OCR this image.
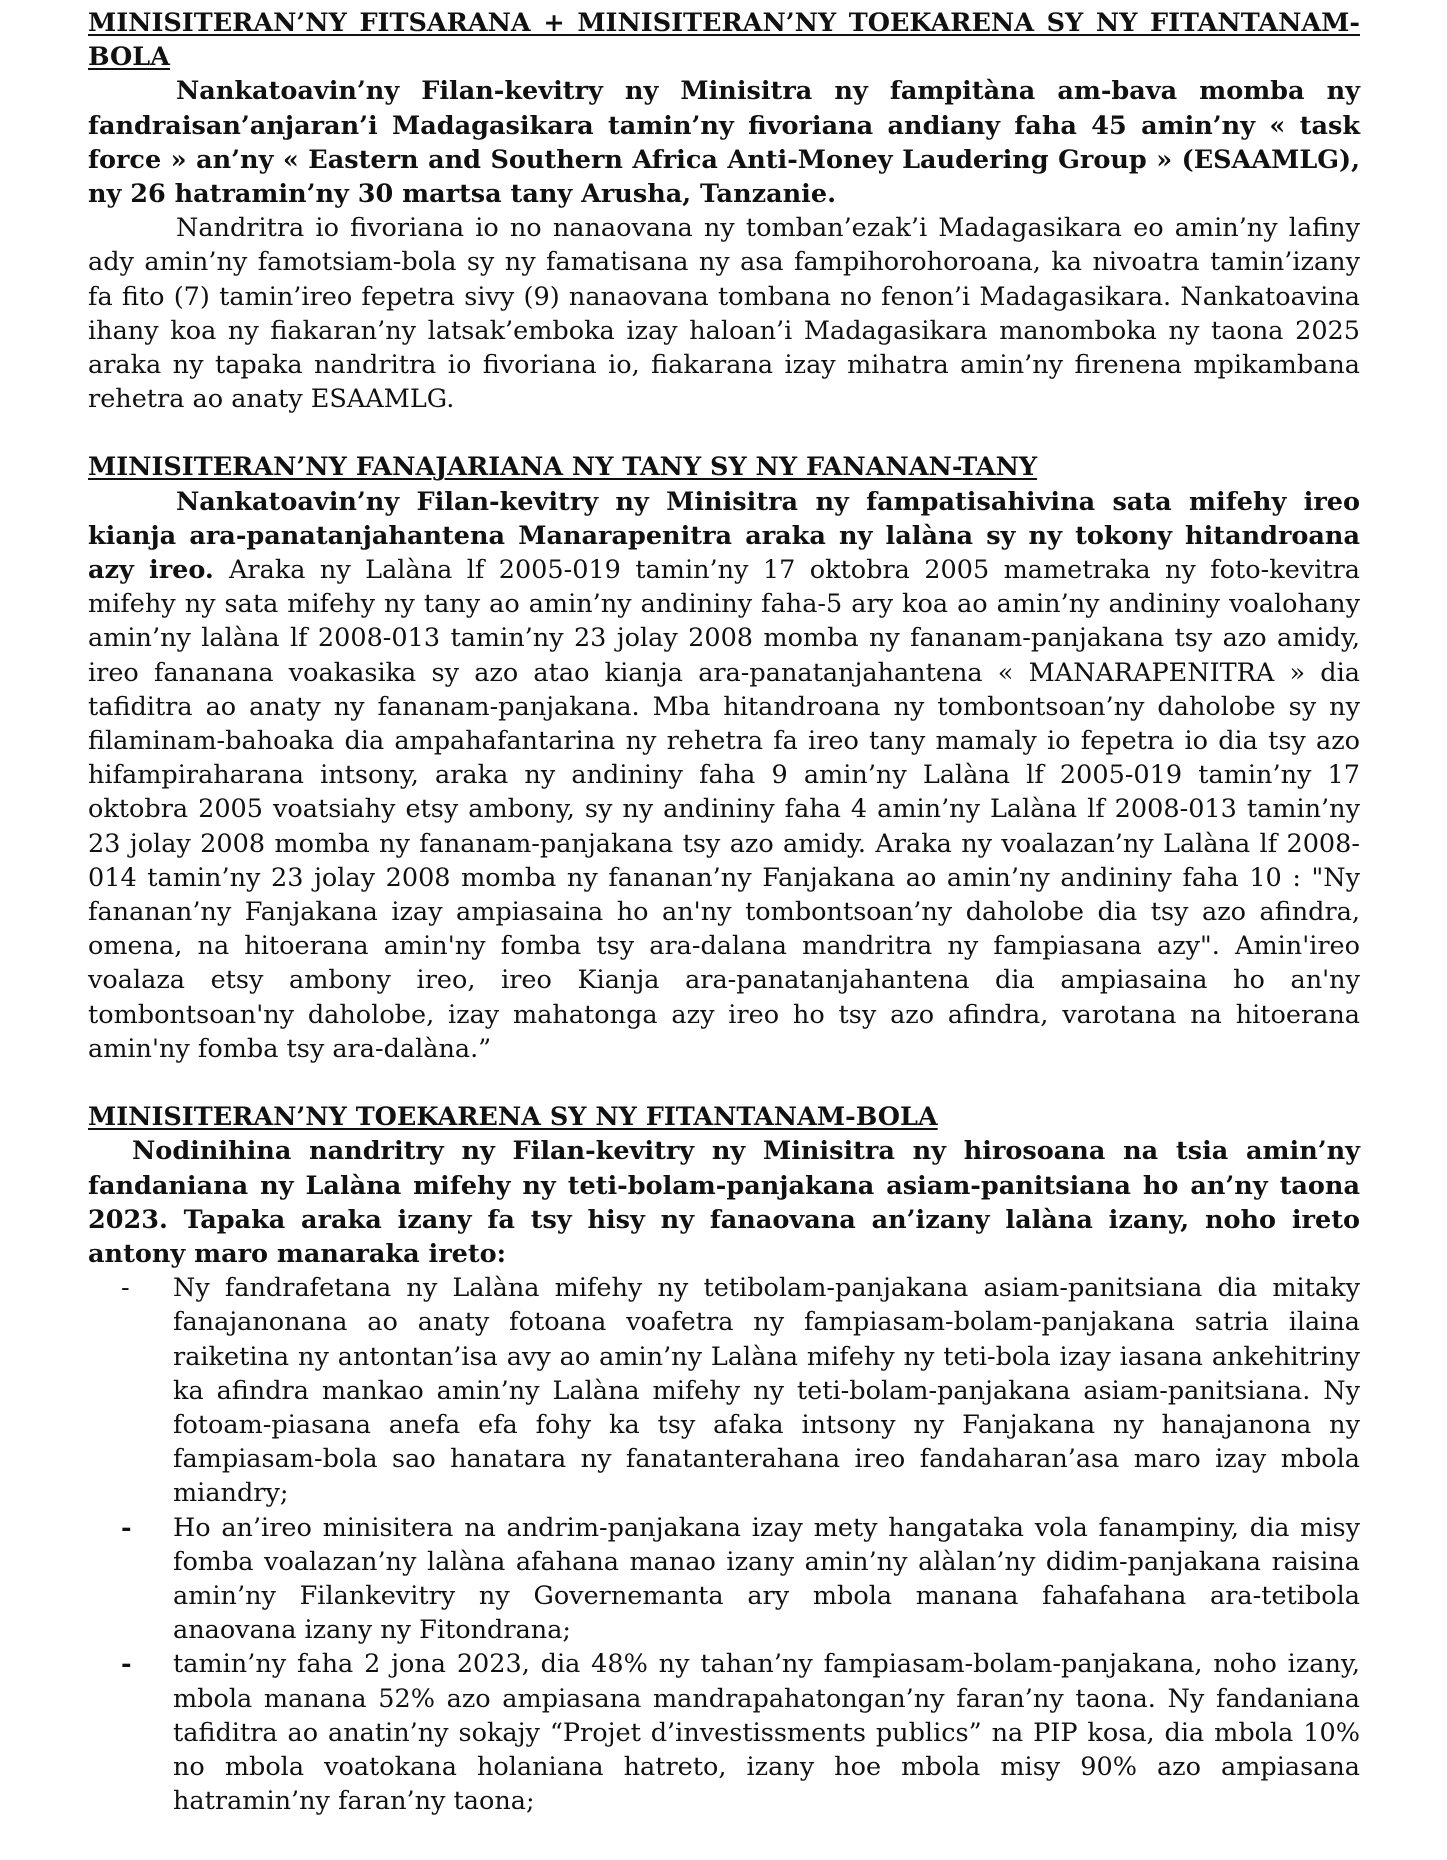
MINISITERAN’NY FITSARANA + MINISITERAN’NY TOEKARENA SY NY FITANTANAM-BOLA

Nankatoavin’ny Filan-kevitry ny Minisitra ny fampitàna am-bava momba ny fandraisan’anjaran’i Madagasikara tamin’ny fivoriana andiany faha 45 amin’ny « task force » an’ny « Eastern and Southern Africa Anti-Money Laudering Group » (ESAAMLG), ny 26 hatramin’ny 30 martsa tany Arusha, Tanzanie.

Nandritra io fivoriana io no nanaovana ny tomban’ezak’i Madagasikara eo amin’ny lafiny ady amin’ny famotsiam-bola sy ny famatisana ny asa fampihorohoroana, ka nivoatra tamin’izany fa fito (7) tamin’ireo fepetra sivy (9) nanaovana tombana no fenon’i Madagasikara. Nankatoavina ihany koa ny fiakaran’ny latsak’emboka izay haloan’i Madagasikara manomboka ny taona 2025 araka ny tapaka nandritra io fivoriana io, fiakarana izay mihatra amin’ny firenena mpikambana rehetra ao anaty ESAAMLG.

MINISITERAN’NY FANAJARIANA NY TANY SY NY FANANAN-TANY

Nankatoavin’ny Filan-kevitry ny Minisitra ny fampatisahivina sata mifehy ireo kianja ara-panatanjahantena Manarapenitra araka ny lalàna sy ny tokony hitandroana azy ireo. Araka ny Lalàna lf 2005-019 tamin’ny 17 oktobra 2005 mametraka ny foto-kevitra mifehy ny sata mifehy ny tany ao amin’ny andininy faha-5 ary koa ao amin’ny andininy voalohany amin’ny lalàna lf 2008-013 tamin’ny 23 jolay 2008 momba ny fananam-panjakana tsy azo amidy, ireo fananana voakasika sy azo atao kianja ara-panatanjahantena « MANARAPENITRA » dia tafiditra ao anaty ny fananam-panjakana. Mba hitandroana ny tombontsoan’ny daholobe sy ny filaminam-bahoaka dia ampahafantarina ny rehetra fa ireo tany mamaly io fepetra io dia tsy azo hifampiraharana intsony, araka ny andininy faha 9 amin’ny Lalàna lf 2005-019 tamin’ny 17 oktobra 2005 voatsiahy etsy ambony, sy ny andininy faha 4 amin’ny Lalàna lf 2008-013 tamin’ny 23 jolay 2008 momba ny fananam-panjakana tsy azo amidy. Araka ny voalazan’ny Lalàna lf 2008-014 tamin’ny 23 jolay 2008 momba ny fananan’ny Fanjakana ao amin’ny andininy faha 10 : "Ny fananan’ny Fanjakana izay ampiasaina ho an'ny tombontsoan’ny daholobe dia tsy azo afindra, omena, na hitoerana amin'ny fomba tsy ara-dalana mandritra ny fampiasana azy". Amin'ireo voalaza etsy ambony ireo, ireo Kianja ara-panatanjahantena dia ampiasaina ho an'ny tombontsoan'ny daholobe, izay mahatonga azy ireo ho tsy azo afindra, varotana na hitoerana amin'ny fomba tsy ara-dalàna.”

MINISITERAN’NY TOEKARENA SY NY FITANTANAM-BOLA

Nodinihina nandritry ny Filan-kevitry ny Minisitra ny hirosoana na tsia amin’ny fandaniana ny Lalàna mifehy ny teti-bolam-panjakana asiam-panitsiana ho an’ny taona 2023. Tapaka araka izany fa tsy hisy ny fanaovana an’izany lalàna izany, noho ireto antony maro manaraka ireto:

- Ny fandrafetana ny Lalàna mifehy ny tetibolam-panjakana asiam-panitsiana dia mitaky fanajanonana ao anaty fotoana voafetra ny fampiasam-bolam-panjakana satria ilaina raiketina ny antontan’isa avy ao amin’ny Lalàna mifehy ny teti-bola izay iasana ankehitriny ka afindra mankao amin’ny Lalàna mifehy ny teti-bolam-panjakana asiam-panitsiana. Ny fotoam-piasana anefa efa fohy ka tsy afaka intsony ny Fanjakana ny hanajanona ny fampiasam-bola sao hanatara ny fanatanterahana ireo fandaharan’asa maro izay mbola miandry;
- Ho an’ireo minisitera na andrim-panjakana izay mety hangataka vola fanampiny, dia misy fomba voalazan’ny lalàna afahana manao izany amin’ny alàlan’ny didim-panjakana raisina amin’ny Filankevitry ny Governemanta ary mbola manana fahafahana ara-tetibola anaovana izany ny Fitondrana;
- tamin’ny faha 2 jona 2023, dia 48% ny tahan’ny fampiasam-bolam-panjakana, noho izany, mbola manana 52% azo ampiasana mandrapahatongan’ny faran’ny taona. Ny fandaniana tafiditra ao anatin’ny sokajy “Projet d’investissments publics” na PIP kosa, dia mbola 10% no mbola voatokana holaniana hatreto, izany hoe mbola misy 90% azo ampiasana hatramin’ny faran’ny taona;
